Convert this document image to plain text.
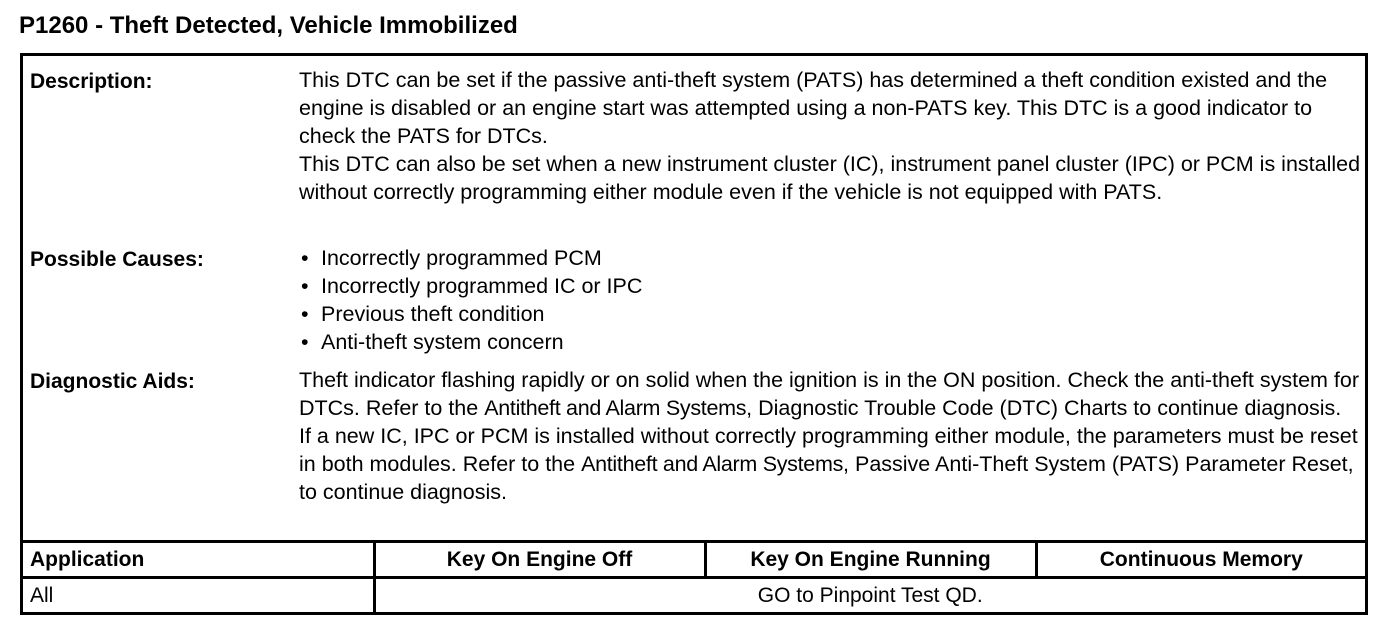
P1260 - Theft Detected, Vehicle Immobilized
Description:	This DTC can be set if the passive anti-theft system (PATS) has determined a theft condition existed and the engine is disabled or an engine start was attempted using a non-PATS key. This DTC is a good indicator to check the PATS for DTCs.

This DTC can also be set when a new instrument cluster (IC), instrument panel cluster (IPC) or PCM is installed without correctly programming either module even if the vehicle is not equipped with PATS.

Possible Causes:	• Incorrectly programmed PCM
• Incorrectly programmed IC or IPC
• Previous theft condition
• Anti-theft system concern
Diagnostic Aids:	Theft indicator flashing rapidly or on solid when the ignition is in the ON position. Check the anti-theft system for DTCs. Refer to the Antitheft and Alarm Systems, Diagnostic Trouble Code (DTC) Charts to continue diagnosis.

If a new IC, IPC or PCM is installed without correctly programming either module, the parameters must be reset in both modules. Refer to the Antitheft and Alarm Systems, Passive Anti-Theft System (PATS) Parameter Reset, to continue diagnosis.

Application	Key On Engine Off	Key On Engine Running	Continuous Memory
All	GO to Pinpoint Test QD.		
